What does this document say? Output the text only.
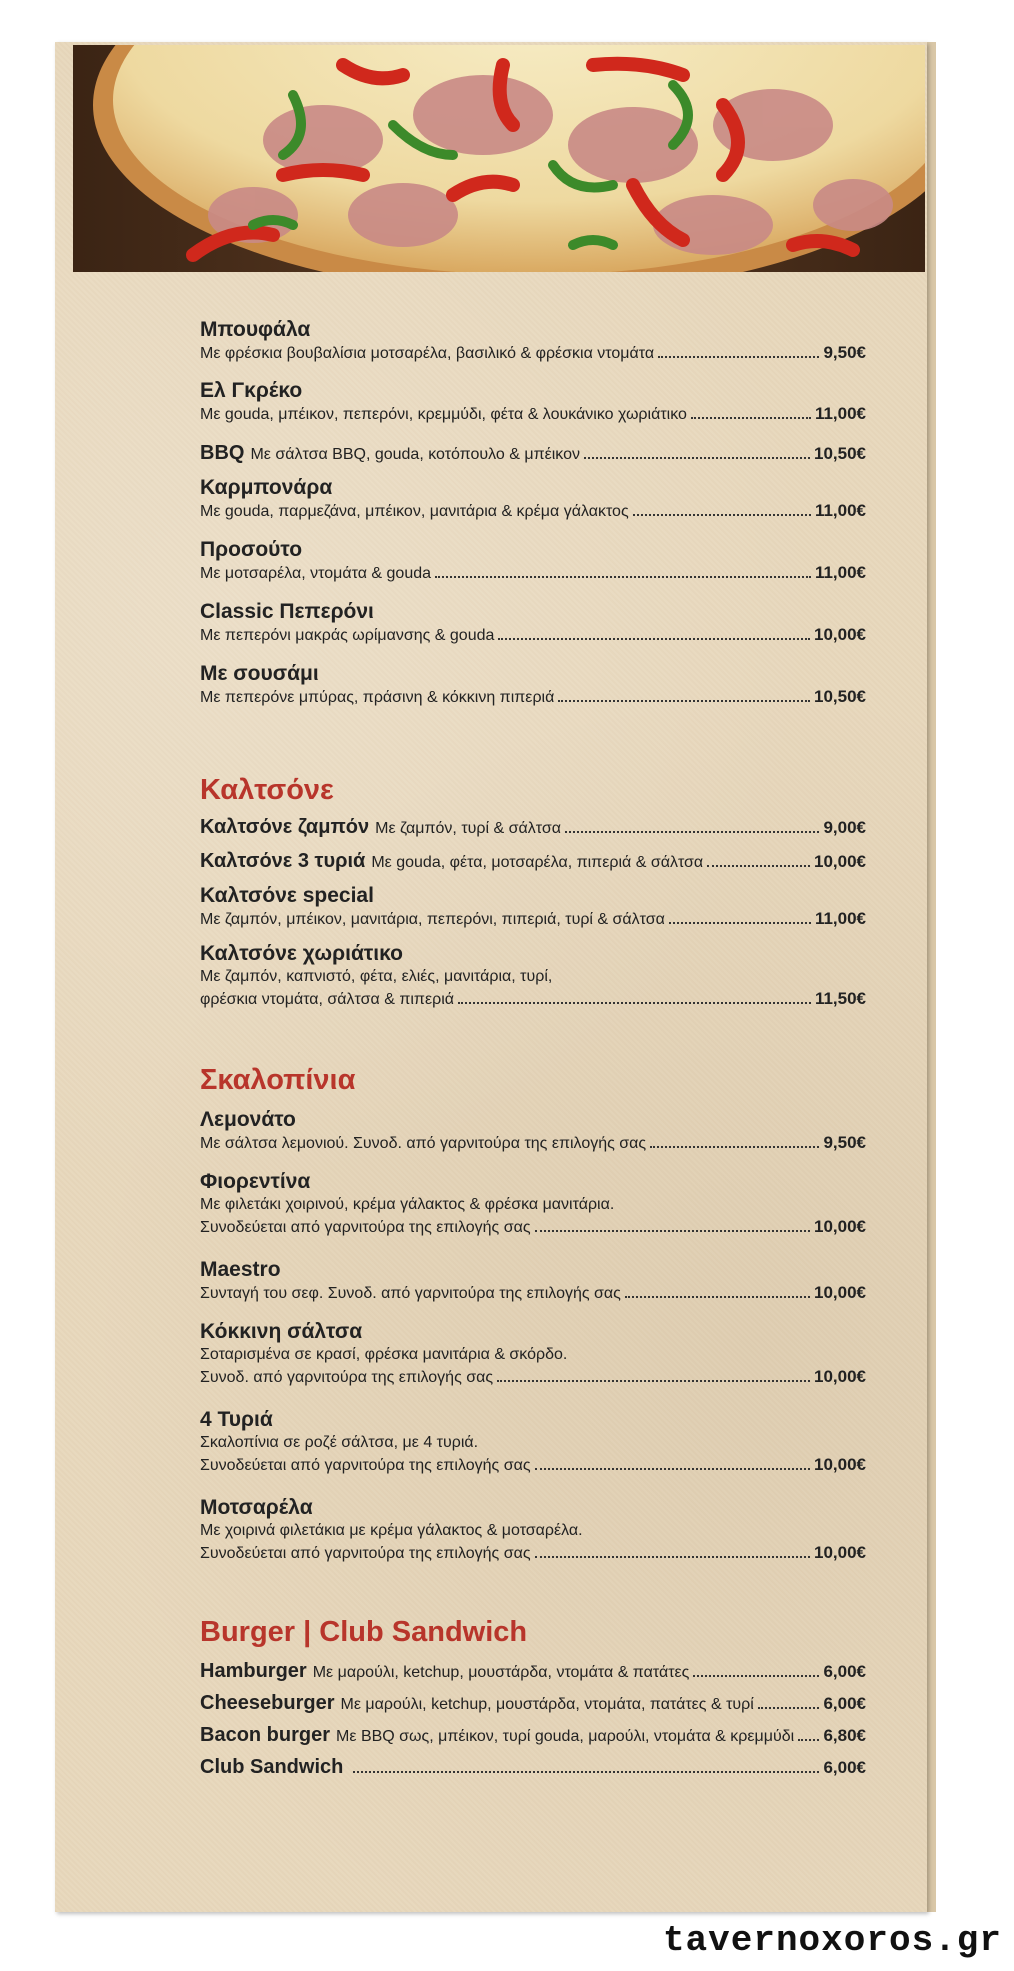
Μπουφάλα
Με φρέσκια βουβαλίσια μοτσαρέλα, βασιλικό & φρέσκια ντομάτα	9,50€
Ελ Γκρέκο
Με gouda, μπέικον, πεπερόνι, κρεμμύδι, φέτα & λουκάνικο χωριάτικο	11,00€
BBQ Με σάλτσα BBQ, gouda, κοτόπουλο & μπέικον	10,50€
Καρμπονάρα
Με gouda, παρμεζάνα, μπέικον, μανιτάρια & κρέμα γάλακτος	11,00€
Προσούτο
Με μοτσαρέλα, ντομάτα & gouda	11,00€
Classic Πεπερόνι
Με πεπερόνι μακράς ωρίμανσης & gouda	10,00€
Με σουσάμι
Με πεπερόνε μπύρας, πράσινη & κόκκινη πιπεριά	10,50€
Καλτσόνε
Καλτσόνε ζαμπόν Με ζαμπόν, τυρί & σάλτσα	9,00€
Καλτσόνε 3 τυριά Με gouda, φέτα, μοτσαρέλα, πιπεριά & σάλτσα	10,00€
Καλτσόνε special
Με ζαμπόν, μπέικον, μανιτάρια, πεπερόνι, πιπεριά, τυρί & σάλτσα	11,00€
Καλτσόνε χωριάτικο
Με ζαμπόν, καπνιστό, φέτα, ελιές, μανιτάρια, τυρί,
φρέσκια ντομάτα, σάλτσα & πιπεριά	11,50€
Σκαλοπίνια
Λεμονάτο
Με σάλτσα λεμονιού. Συνοδ. από γαρνιτούρα της επιλογής σας	9,50€
Φιορεντίνα
Με φιλετάκι χοιρινού, κρέμα γάλακτος & φρέσκα μανιτάρια.
Συνοδεύεται από γαρνιτούρα της επιλογής σας	10,00€
Maestro
Συνταγή του σεφ. Συνοδ. από γαρνιτούρα της επιλογής σας	10,00€
Κόκκινη σάλτσα
Σοταρισμένα σε κρασί, φρέσκα μανιτάρια & σκόρδο.
Συνοδ. από γαρνιτούρα της επιλογής σας	10,00€
4 Τυριά
Σκαλοπίνια σε ροζέ σάλτσα, με 4 τυριά.
Συνοδεύεται από γαρνιτούρα της επιλογής σας	10,00€
Μοτσαρέλα
Με χοιρινά φιλετάκια με κρέμα γάλακτος & μοτσαρέλα.
Συνοδεύεται από γαρνιτούρα της επιλογής σας	10,00€
Burger | Club Sandwich
Hamburger Με μαρούλι, ketchup, μουστάρδα, ντομάτα & πατάτες	6,00€
Cheeseburger Με μαρούλι, ketchup, μουστάρδα, ντομάτα, πατάτες & τυρί	6,00€
Bacon burger Με BBQ σως, μπέικον, τυρί gouda, μαρούλι, ντομάτα & κρεμμύδι 6,80€
Club Sandwich	6,00€
tavernoxoros.gr
